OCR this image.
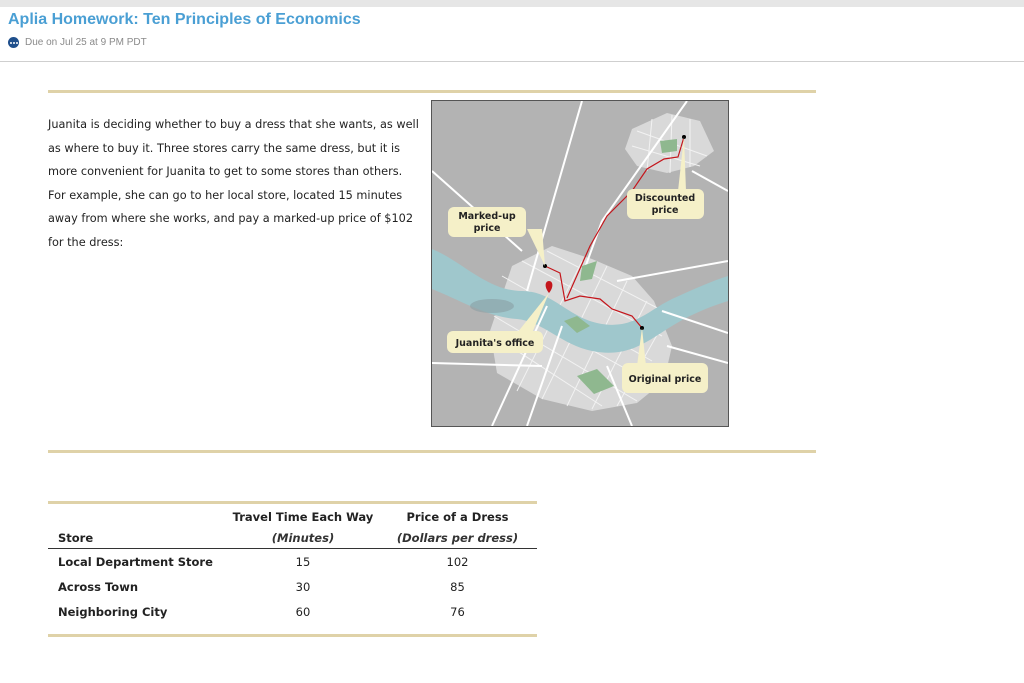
Aplia Homework: Ten Principles of Economics
Due on Jul 25 at 9 PM PDT
Juanita is deciding whether to buy a dress that she wants, as well as where to buy it. Three stores carry the same dress, but it is more convenient for Juanita to get to some stores than others. For example, she can go to her local store, located 15 minutes away from where she works, and pay a marked-up price of $102 for the dress:
Marked-up
price
Discounted
price
Juanita's office
Original price
	Travel Time Each Way	Price of a Dress
Store	(Minutes)	(Dollars per dress)
Local Department Store	15	102
Across Town	30	85
Neighboring City	60	76
